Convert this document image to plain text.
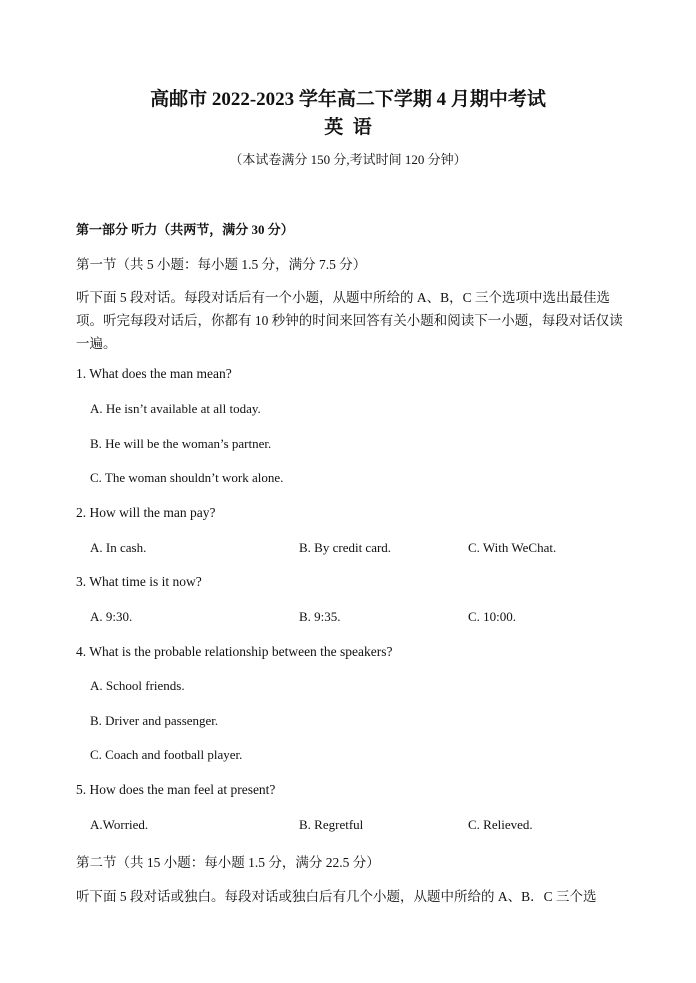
高邮市 2022-2023 学年高二下学期 4 月期中考试
英  语
（本试卷满分 150 分,考试时间 120 分钟）
第一部分 听力（共两节，满分 30 分）
第一节（共 5 小题：每小题 1.5 分，满分 7.5 分）
听下面 5 段对话。每段对话后有一个小题，从题中所给的 A、B，C 三个选项中选出最佳选项。听完每段对话后，你都有 10 秒钟的时间来回答有关小题和阅读下一小题，每段对话仅读一遍。
1. What does the man mean?
A. He isn’t available at all today.
B. He will be the woman’s partner.
C. The woman shouldn’t work alone.
2. How will the man pay?
A. In cash.	B. By credit card.	C. With WeChat.
3. What time is it now?
A. 9:30.	B. 9:35.	C. 10:00.
4. What is the probable relationship between the speakers?
A. School friends.
B. Driver and passenger.
C. Coach and football player.
5. How does the man feel at present?
A.Worried.	B. Regretful	C. Relieved.
第二节（共 15 小题：每小题 1.5 分，满分 22.5 分）
听下面 5 段对话或独白。每段对话或独白后有几个小题，从题中所给的 A、B．C 三个选
